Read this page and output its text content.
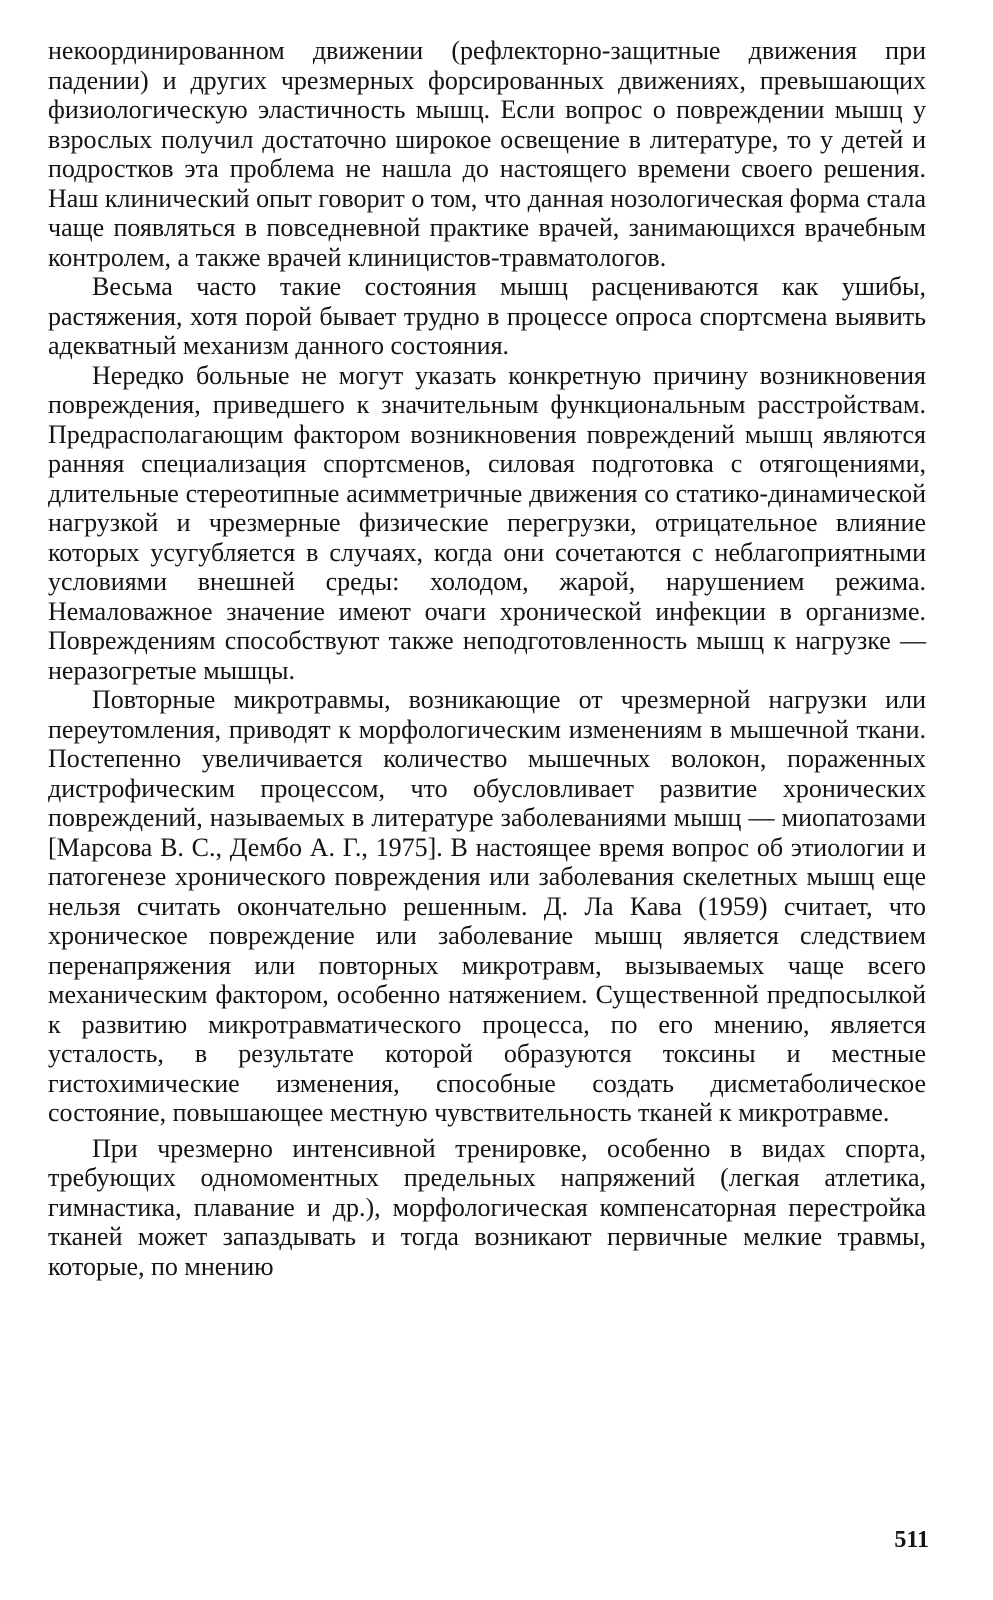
некоординированном движении (рефлекторно-защитные движения при падении) и других чрезмерных форсированных движениях, превышающих физиологическую эластичность мышц. Если вопрос о повреждении мышц у взрослых получил достаточно широкое освещение в литературе, то у детей и подростков эта проблема не нашла до настоящего времени своего решения. Наш клинический опыт говорит о том, что данная нозологическая форма стала чаще появляться в повседневной практике врачей, занимающихся врачебным контролем, а также врачей клиницистов-травматологов.

Весьма часто такие состояния мышц расцениваются как ушибы, растяжения, хотя порой бывает трудно в процессе опроса спортсмена выявить адекватный механизм данного состояния.

Нередко больные не могут указать конкретную причину возникновения повреждения, приведшего к значительным функциональным расстройствам. Предрасполагающим фактором возникновения повреждений мышц являются ранняя специализация спортсменов, силовая подготовка с отягощениями, длительные стереотипные асимметричные движения со статико-динамической нагрузкой и чрезмерные физические перегрузки, отрицательное влияние которых усугубляется в случаях, когда они сочетаются с неблагоприятными условиями внешней среды: холодом, жарой, нарушением режима. Немаловажное значение имеют очаги хронической инфекции в организме. Повреждениям способствуют также неподготовленность мышц к нагрузке — неразогретые мышцы.

Повторные микротравмы, возникающие от чрезмерной нагрузки или переутомления, приводят к морфологическим изменениям в мышечной ткани. Постепенно увеличивается количество мышечных волокон, пораженных дистрофическим процессом, что обусловливает развитие хронических повреждений, называемых в литературе заболеваниями мышц — миопатозами [Марсова В. С., Дембо А. Г., 1975]. В настоящее время вопрос об этиологии и патогенезе хронического повреждения или заболевания скелетных мышц еще нельзя считать окончательно решенным. Д. Ла Кава (1959) считает, что хроническое повреждение или заболевание мышц является следствием перенапряжения или повторных микротравм, вызываемых чаще всего механическим фактором, особенно натяжением. Существенной предпосылкой к развитию микротравматического процесса, по его мнению, является усталость, в результате которой образуются токсины и местные гистохимические изменения, способные создать дисметаболическое состояние, повышающее местную чувствительность тканей к микротравме.

При чрезмерно интенсивной тренировке, особенно в видах спорта, требующих одномоментных предельных напряжений (легкая атлетика, гимнастика, плавание и др.), морфологическая компенсаторная перестройка тканей может запаздывать и тогда возникают первичные мелкие травмы, которые, по мнению

511
